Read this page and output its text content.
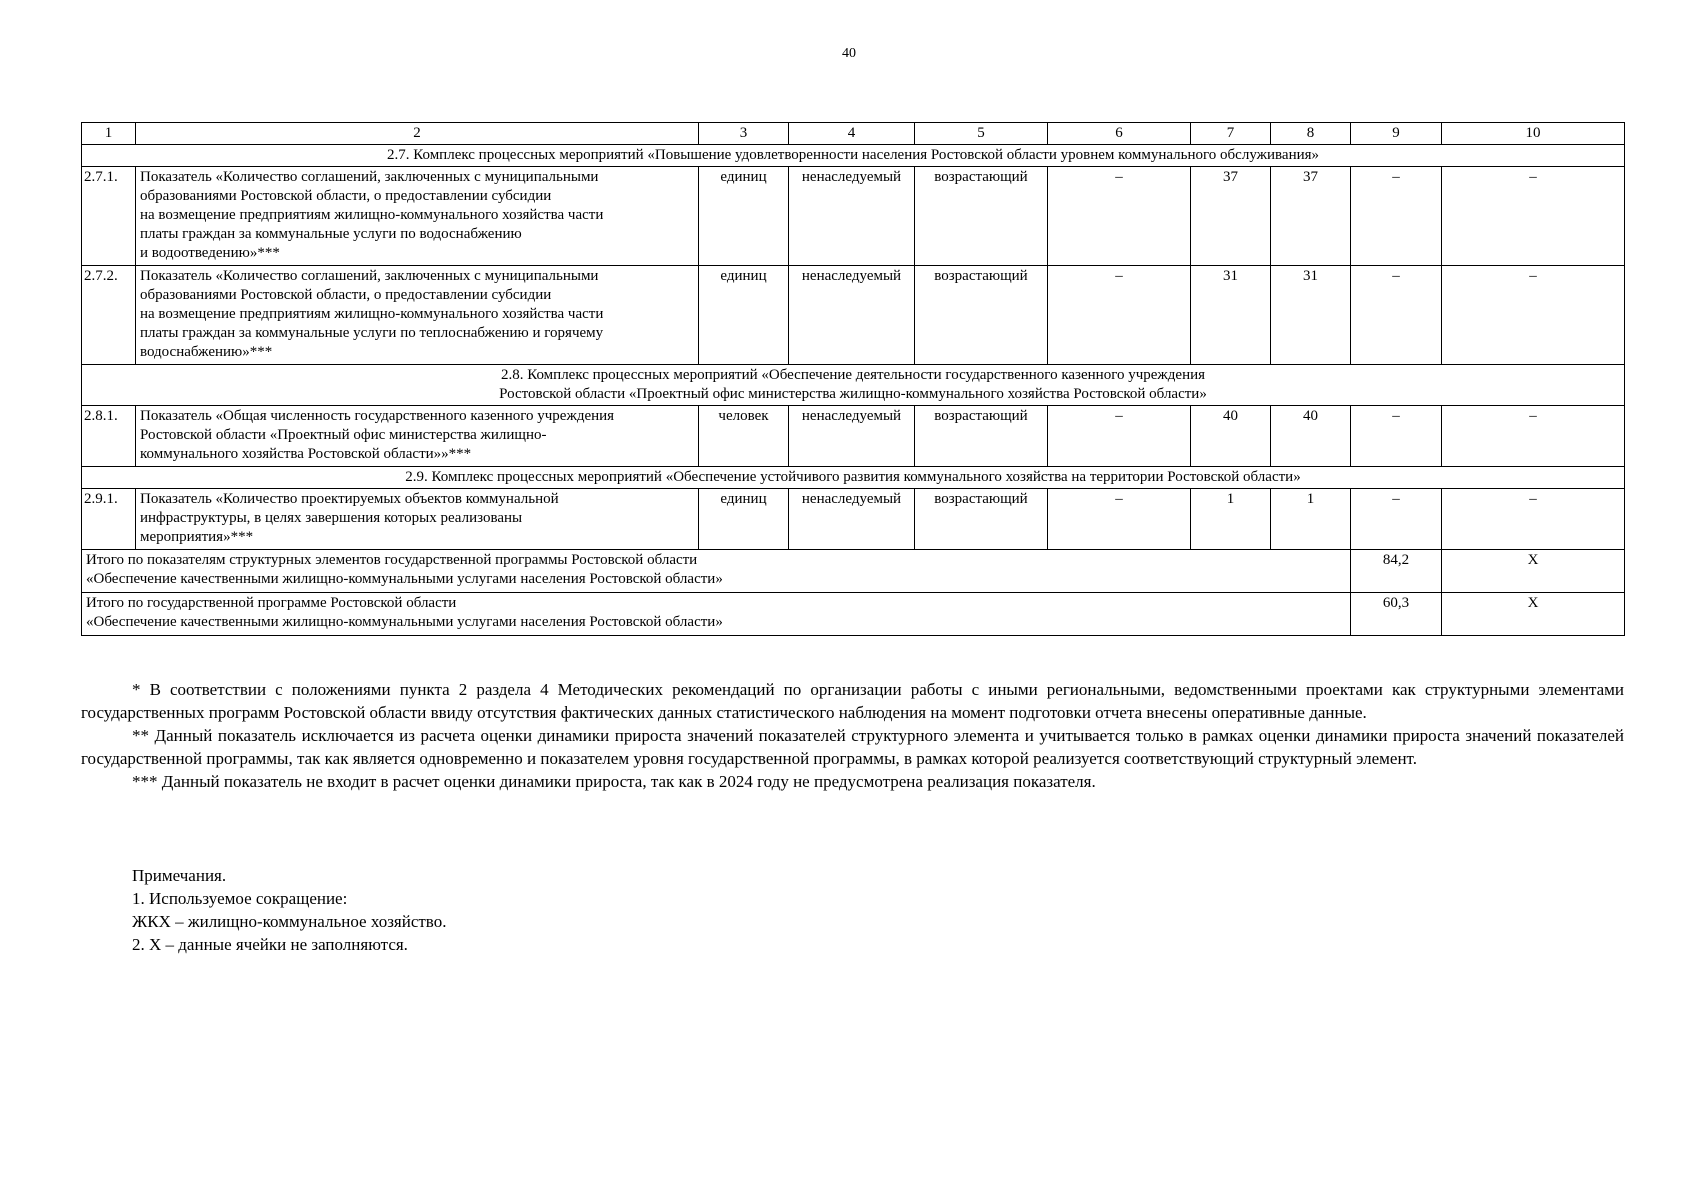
40
1	2	3	4	5	6	7	8	9	10
2.7. Комплекс процессных мероприятий «Повышение удовлетворенности населения Ростовской области уровнем коммунального обслуживания»									
2.7.1.	Показатель «Количество соглашений, заключенных с муниципальными
образованиями Ростовской области, о предоставлении субсидии
на возмещение предприятиям жилищно-коммунального хозяйства части
платы граждан за коммунальные услуги по водоснабжению
и водоотведению»***	единиц	ненаследуемый	возрастающий	–	37	37	–	–
2.7.2.	Показатель «Количество соглашений, заключенных с муниципальными
образованиями Ростовской области, о предоставлении субсидии
на возмещение предприятиям жилищно-коммунального хозяйства части
платы граждан за коммунальные услуги по теплоснабжению и горячему
водоснабжению»***	единиц	ненаследуемый	возрастающий	–	31	31	–	–

2.8. Комплекс процессных мероприятий «Обеспечение деятельности государственного казенного учреждения
Ростовской области «Проектный офис министерства жилищно-коммунального хозяйства Ростовской области»									

2.8.1.	Показатель «Общая численность государственного казенного учреждения
Ростовской области «Проектный офис министерства жилищно-
коммунального хозяйства Ростовской области»»***	человек	ненаследуемый	возрастающий	–	40	40	–	–
2.9. Комплекс процессных мероприятий «Обеспечение устойчивого развития коммунального хозяйства на территории Ростовской области»									
2.9.1.	Показатель «Количество проектируемых объектов коммунальной
инфраструктуры, в целях завершения которых реализованы
мероприятия»***	единиц	ненаследуемый	возрастающий	–	1	1	–	–

Итого по показателям структурных элементов государственной программы Ростовской области
«Обеспечение качественными жилищно-коммунальными услугами населения Ростовской области»								84,2	Х

Итого по государственной программе Ростовской области
«Обеспечение качественными жилищно-коммунальными услугами населения Ростовской области»								60,3	Х

* В соответствии с положениями пункта 2 раздела 4 Методических рекомендаций по организации работы с иными региональными, ведомственными проектами как структурными элементами государственных программ Ростовской области ввиду отсутствия фактических данных статистического наблюдения на момент подготовки отчета внесены оперативные данные.

** Данный показатель исключается из расчета оценки динамики прироста значений показателей структурного элемента и учитывается только в рамках оценки динамики прироста значений показателей государственной программы, так как является одновременно и показателем уровня государственной программы, в рамках которой реализуется соответствующий структурный элемент.

*** Данный показатель не входит в расчет оценки динамики прироста, так как в 2024 году не предусмотрена реализация показателя.

Примечания.
1. Используемое сокращение:
ЖКХ – жилищно-коммунальное хозяйство.
2. Х – данные ячейки не заполняются.
